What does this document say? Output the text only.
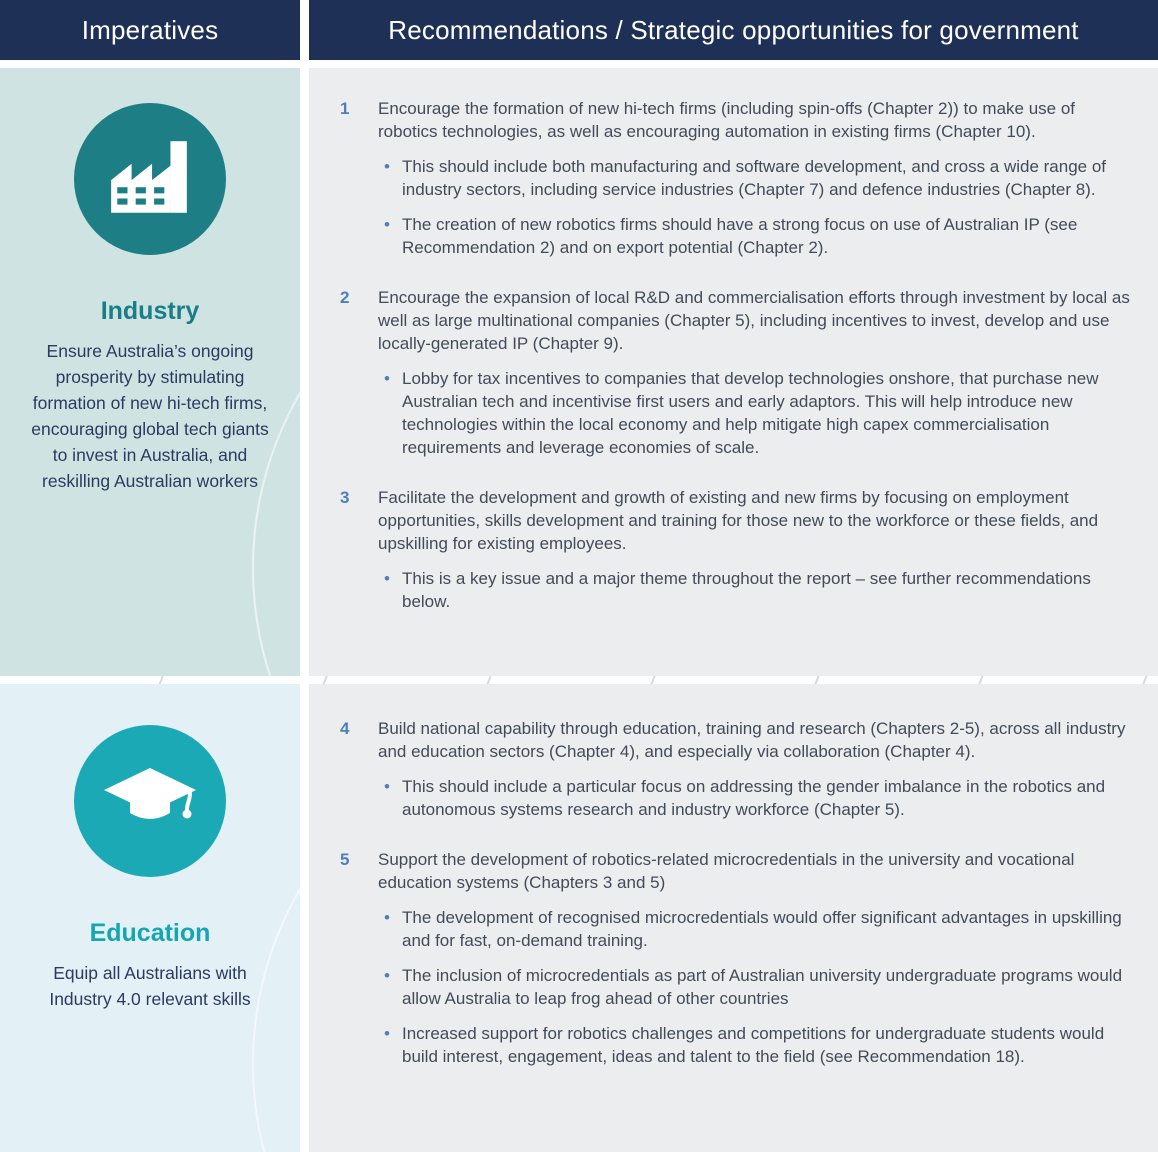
Imperatives	Recommendations / Strategic opportunities for government
Industry
Ensure Australia’s ongoing prosperity by stimulating formation of new hi-tech firms, encouraging global tech giants to invest in Australia, and reskilling Australian workers
1	Encourage the formation of new hi-tech firms (including spin-offs (Chapter 2)) to make use of robotics technologies, as well as encouraging automation in existing firms (Chapter 10).

• This should include both manufacturing and software development, and cross a wide range of industry sectors, including service industries (Chapter 7) and defence industries (Chapter 8).

• The creation of new robotics firms should have a strong focus on use of Australian IP (see Recommendation 2) and on export potential (Chapter 2).

2	Encourage the expansion of local R&D and commercialisation efforts through investment by local as well as large multinational companies (Chapter 5), including incentives to invest, develop and use locally-generated IP (Chapter 9).

• Lobby for tax incentives to companies that develop technologies onshore, that purchase new Australian tech and incentivise first users and early adaptors. This will help introduce new technologies within the local economy and help mitigate high capex commercialisation requirements and leverage economies of scale.

3	Facilitate the development and growth of existing and new firms by focusing on employment opportunities, skills development and training for those new to the workforce or these fields, and upskilling for existing employees.

• This is a key issue and a major theme throughout the report – see further recommendations below.

Education
Equip all Australians with Industry 4.0 relevant skills
4	Build national capability through education, training and research (Chapters 2-5), across all industry and education sectors (Chapter 4), and especially via collaboration (Chapter 4).

• This should include a particular focus on addressing the gender imbalance in the robotics and autonomous systems research and industry workforce (Chapter 5).

5	Support the development of robotics-related microcredentials in the university and vocational education systems (Chapters 3 and 5)

• The development of recognised microcredentials would offer significant advantages in upskilling and for fast, on-demand training.

• The inclusion of microcredentials as part of Australian university undergraduate programs would allow Australia to leap frog ahead of other countries

• Increased support for robotics challenges and competitions for undergraduate students would build interest, engagement, ideas and talent to the field (see Recommendation 18).
